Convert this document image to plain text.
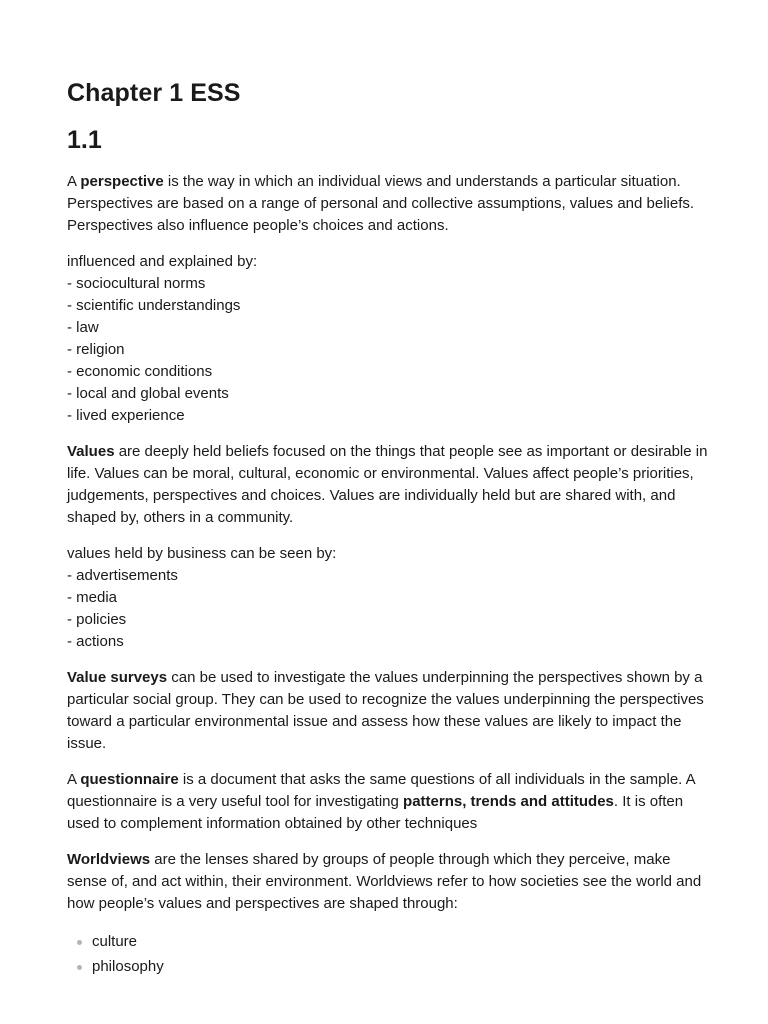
Chapter 1 ESS
1.1

A perspective is the way in which an individual views and understands a particular situation. Perspectives are based on a range of personal and collective assumptions, values and beliefs. Perspectives also influence people’s choices and actions.

influenced and explained by:
- sociocultural norms
- scientific understandings
- law
- religion
- economic conditions
- local and global events
- lived experience

Values are deeply held beliefs focused on the things that people see as important or desirable in life. Values can be moral, cultural, economic or environmental. Values affect people’s priorities, judgements, perspectives and choices. Values are individually held but are shared with, and shaped by, others in a community.

values held by business can be seen by:
- advertisements
- media
- policies
- actions

Value surveys can be used to investigate the values underpinning the perspectives shown by a particular social group. They can be used to recognize the values underpinning the perspectives toward a particular environmental issue and assess how these values are likely to impact the issue.

A questionnaire is a document that asks the same questions of all individuals in the sample. A questionnaire is a very useful tool for investigating patterns, trends and attitudes. It is often used to complement information obtained by other techniques

Worldviews are the lenses shared by groups of people through which they perceive, make sense of, and act within, their environment. Worldviews refer to how societies see the world and how people’s values and perspectives are shaped through:

culture
philosophy
